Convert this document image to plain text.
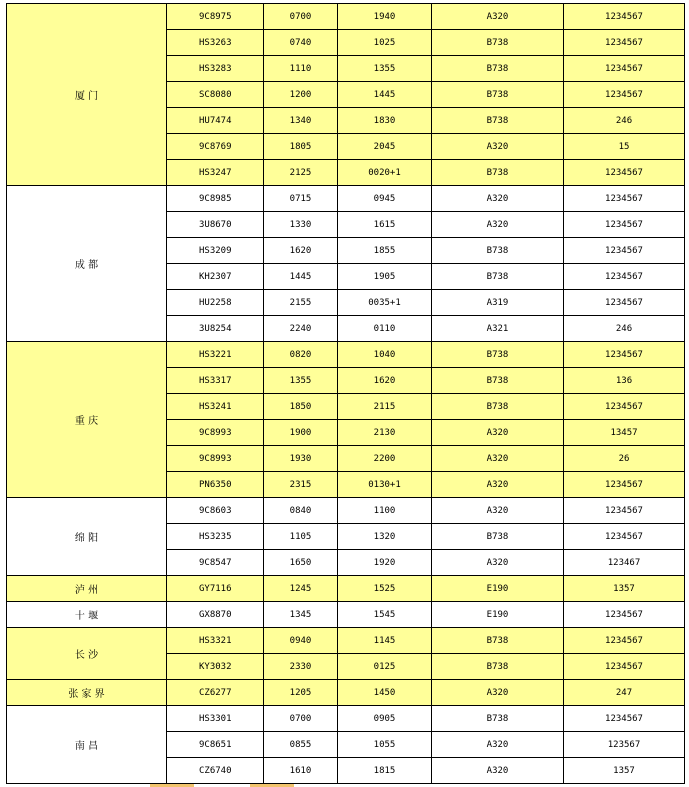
厦 门	9C8975	0700	1940	A320	1234567
	HS3263	0740	1025	B738	1234567
	HS3283	1110	1355	B738	1234567
	SC8080	1200	1445	B738	1234567
	HU7474	1340	1830	B738	246
	9C8769	1805	2045	A320	15
	HS3247	2125	0020+1	B738	1234567
成 都	9C8985	0715	0945	A320	1234567
	3U8670	1330	1615	A320	1234567
	HS3209	1620	1855	B738	1234567
	KH2307	1445	1905	B738	1234567
	HU2258	2155	0035+1	A319	1234567
	3U8254	2240	0110	A321	246
重 庆	HS3221	0820	1040	B738	1234567
	HS3317	1355	1620	B738	136
	HS3241	1850	2115	B738	1234567
	9C8993	1900	2130	A320	13457
	9C8993	1930	2200	A320	26
	PN6350	2315	0130+1	A320	1234567
绵 阳	9C8603	0840	1100	A320	1234567
	HS3235	1105	1320	B738	1234567
	9C8547	1650	1920	A320	123467
泸 州	GY7116	1245	1525	E190	1357
十 堰	GX8870	1345	1545	E190	1234567
长 沙	HS3321	0940	1145	B738	1234567
	KY3032	2330	0125	B738	1234567
张 家 界	CZ6277	1205	1450	A320	247
南 昌	HS3301	0700	0905	B738	1234567
	9C8651	0855	1055	A320	123567
	CZ6740	1610	1815	A320	1357
